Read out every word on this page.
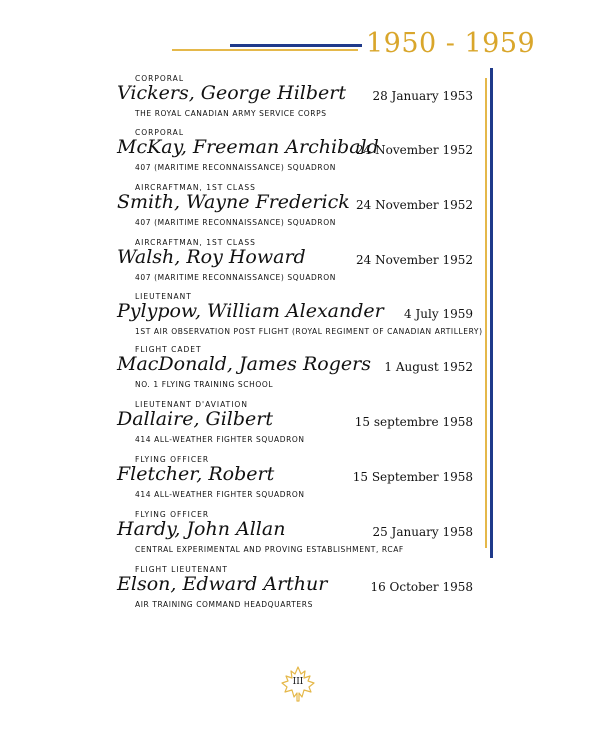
1950 - 1959
CORPORAL
Vickers, George Hilbert 28 January 1953
THE ROYAL CANADIAN ARMY SERVICE CORPS
CORPORAL
McKay, Freeman Archibald
24 November 1952
407 (MARITIME RECONNAISSANCE) SQUADRON
AIRCRAFTMAN, 1ST CLASS
Smith, Wayne Frederick 24 November 1952
407 (MARITIME RECONNAISSANCE) SQUADRON
AIRCRAFTMAN, 1ST CLASS
Walsh, Roy Howard	24 November 1952
407 (MARITIME RECONNAISSANCE) SQUADRON
LIEUTENANT
Pylypow, William Alexander 4 July 1959
1ST AIR OBSERVATION POST FLIGHT (ROYAL REGIMENT OF CANADIAN ARTILLERY)
FLIGHT CADET
MacDonald, James Rogers 1 August 1952
NO. 1 FLYING TRAINING SCHOOL
LIEUTENANT D'AVIATION
Dallaire, Gilbert	15 septembre 1958
414 ALL-WEATHER FIGHTER SQUADRON
FLYING OFFICER
Fletcher, Robert	15 September 1958
414 ALL-WEATHER FIGHTER SQUADRON
FLYING OFFICER
Hardy, John Allan	25 January 1958
CENTRAL EXPERIMENTAL AND PROVING ESTABLISHMENT, RCAF
FLIGHT LIEUTENANT
Elson, Edward Arthur	16 October 1958
AIR TRAINING COMMAND HEADQUARTERS
III
